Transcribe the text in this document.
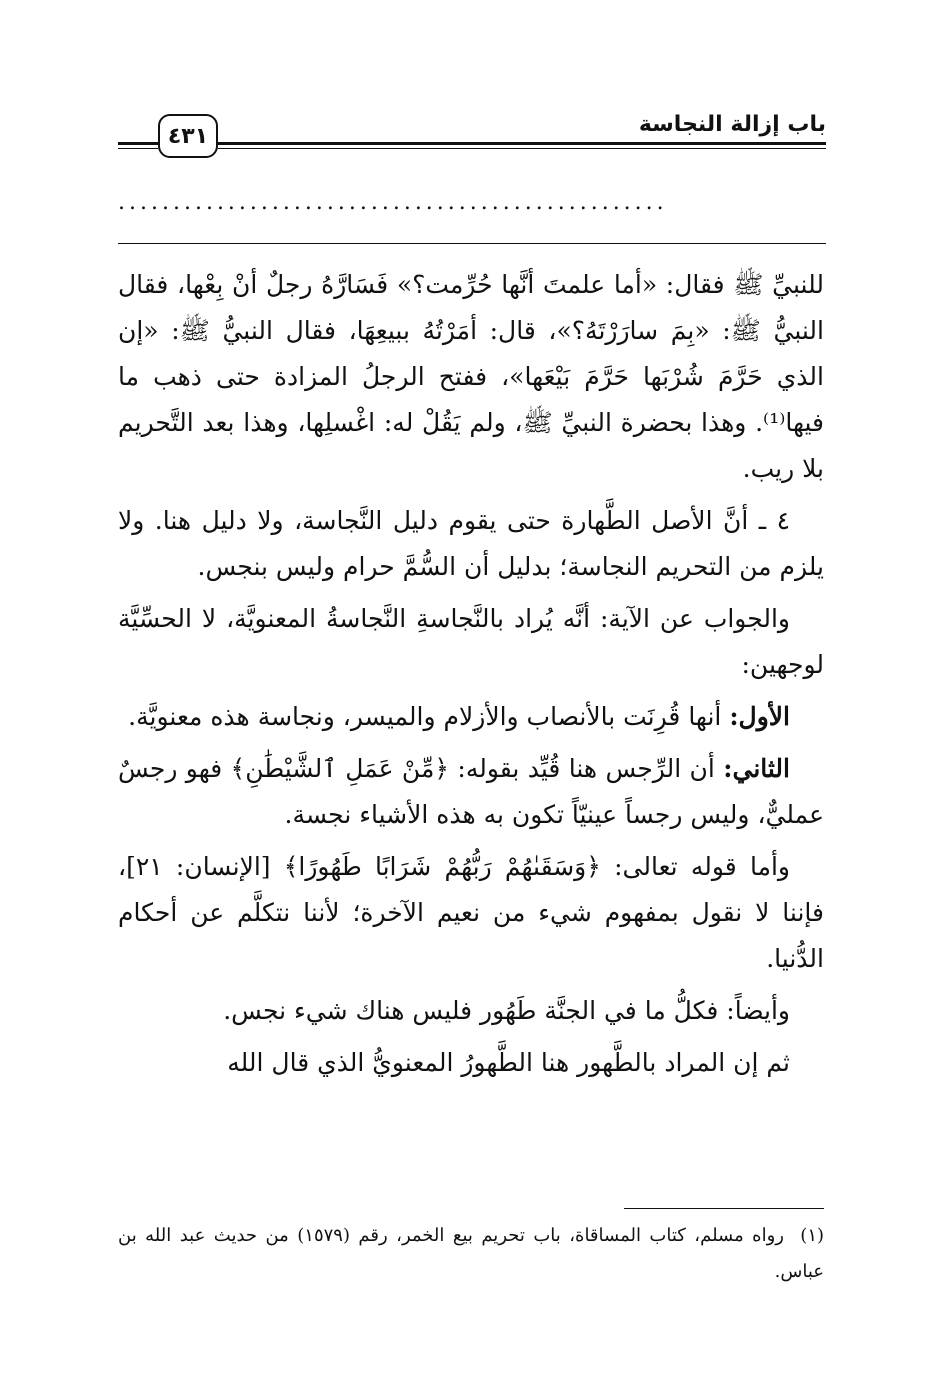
باب إزالة النجاسة
٤٣١
..................................................

للنبيِّ ﷺ فقال: «أما علمتَ أنَّها حُرِّمت؟» فَسَارَّهُ رجلٌ أنْ بِعْها، فقال النبيُّ ﷺ: «بِمَ سارَرْتَهُ؟»، قال: أمَرْتُهُ ببيعِهَا، فقال النبيُّ ﷺ: «إن الذي حَرَّمَ شُرْبَها حَرَّمَ بَيْعَها»، ففتح الرجلُ المزادة حتى ذهب ما فيها⁽¹⁾. وهذا بحضرة النبيِّ ﷺ، ولم يَقُلْ له: اغْسلِها، وهذا بعد التَّحريم بلا ريب.

٤ ـ أنَّ الأصل الطَّهارة حتى يقوم دليل النَّجاسة، ولا دليل هنا. ولا يلزم من التحريم النجاسة؛ بدليل أن السُّمَّ حرام وليس بنجس.

والجواب عن الآية: أنَّه يُراد بالنَّجاسةِ النَّجاسةُ المعنويَّة، لا الحسِّيَّة لوجهين:

الأول: أنها قُرِنَت بالأنصاب والأزلام والميسر، ونجاسة هذه معنويَّة.

الثاني: أن الرِّجس هنا قُيِّد بقوله: ﴿مِّنْ عَمَلِ ٱلشَّيْطَٰنِ﴾ فهو رجسٌ عمليٌّ، وليس رجساً عينيّاً تكون به هذه الأشياء نجسة.

وأما قوله تعالى: ﴿وَسَقَىٰهُمْ رَبُّهُمْ شَرَابًا طَهُورًا﴾ [الإنسان: ٢١]، فإننا لا نقول بمفهوم شيء من نعيم الآخرة؛ لأننا نتكلَّم عن أحكام الدُّنيا.

وأيضاً: فكلُّ ما في الجنَّة طَهُور فليس هناك شيء نجس.

ثم إن المراد بالطَّهور هنا الطَّهورُ المعنويُّ الذي قال الله

(١)رواه مسلم، كتاب المساقاة، باب تحريم بيع الخمر، رقم (١٥٧٩) من حديث عبد الله بن عباس.
